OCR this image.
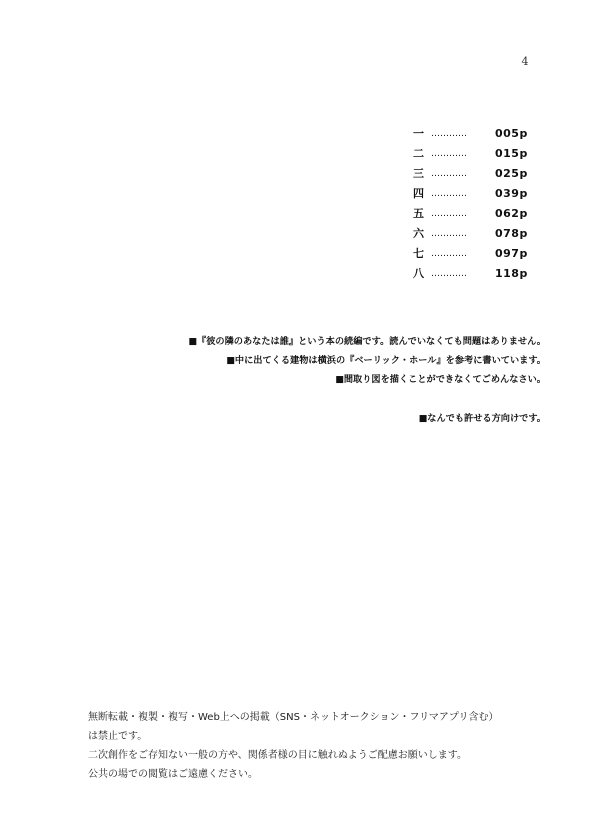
4
一 …………	005p
二 …………	015p
三 …………	025p
四 …………	039p
五 …………	062p
六 …………	078p
七 …………	097p
八 …………	118p
■『彼の隣のあなたは誰』という本の続編です。読んでいなくても問題はありません。
■中に出てくる建物は横浜の『ベーリック・ホール』を参考に書いています。
■間取り図を描くことができなくてごめんなさい。
■なんでも許せる方向けです。
無断転載・複製・複写・Web上への掲載（SNS・ネットオークション・フリマアプリ含む）
は禁止です。
二次創作をご存知ない一般の方や、関係者様の目に触れぬようご配慮お願いします。
公共の場での閲覧はご遠慮ください。
